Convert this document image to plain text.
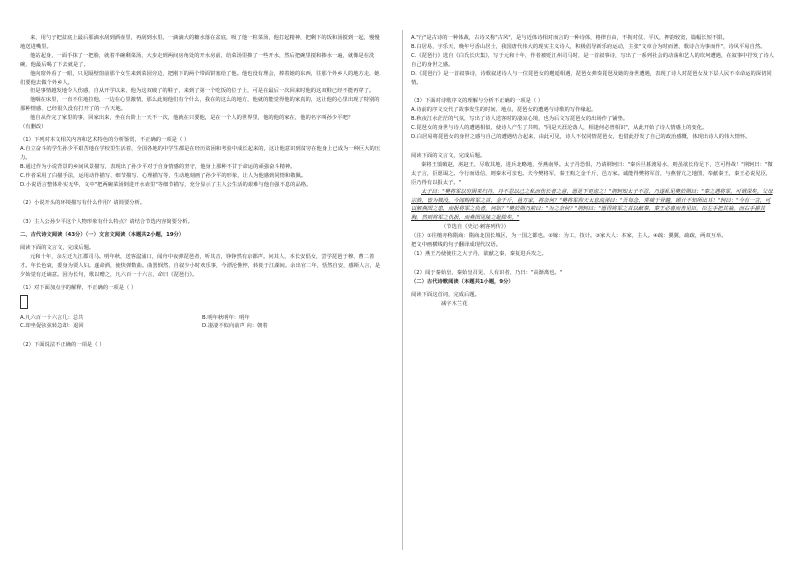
来，用勺子把盆底上最后那滴水刮到酒壶里，再刮到水里。一滴滴大的糖水落在盆底，吸了他一粒菜汤，他打起精神，把剩下的饭和汤搅到一起，慢慢地送进嘴里。

他站起身，一面手抹了一把脸，就着半碗剩菜汤，大步走到两间房角处的开水房前，给菜汤里掺了一些开水，然后把碗里搅和掺水一遍，就像是在洗碗，他最后喝了下去就是了。

他向窗外看了一眼，只见隔壁窗前那个女生来到菜园旁边，把刚下的两个带面饼塞给了他。他也没有理会，捧着她的东西，往那个外乡人的地方走，她们要他去做个外乡人。

但是事情越发地令人伤感，自从开学以来，他为这双破了的鞋子，来到了第一个吃饭的位子上，可是在最后一次回来时他的这双鞋已经不能再穿了。

他咽在床里，一直不住地拉他，一边在心里激情，那么此刻他们有个什么，我在的这么的地方，他就的能觉得他的家真的，这让他的心里出现了特别的那种情感，已经很久没有打开了的一片天地。

他自从作完了家里的事，回家出来，坐在台阶上一天不一次，他就在只要他，是在一个人的世界里，他的他的家在，他的名字叫孙少平吧？

（有删改）

（1）下列对本文相关内容和艺术特色的分析鉴赏，不正确的一项是（ ）

A.自立奋斗的学生孙少平艰苦地在学校里生活着，全国各地的中学生都是在经历贫困和考验中成长起来的，这让他意识到贫穷在他身上已成为一种巨大的压力。

B.通过作为小说背景的乡间风景描写，表现出了孙少平对于自身情感的坚守，他身上那种不甘于命运的顽强奋斗精神。

C.作者采用了白描手法，运用动作描写、细节描写、心理描写等，生动地刻画了孙少平的形象，让人为他感到同情和敬佩。

D.小说语言整体朴实无华，文中"把两碗菜汤倒进开水壶里"等细节描写，充分显示了主人公生活的艰难与他自强不息的品格。

（2）小说开头的环境描写有什么作用？请简要分析。

（3）主人公孙少平这个人物形象有什么特点？请结合节选内容简要分析。

二、古代诗文阅读（43分）（一）文言文阅读（本题共2小题，19分）

阅读下面的文言文，完成后题。

元和十年，余左迁九江郡司马。明年秋，送客湓浦口，闻舟中夜弹琵琶者，听其音，铮铮然有京都声。问其人，本长安倡女，尝学琵琶于穆、曹二善才。年长色衰，委身为贾人妇。遂命酒，使快弹数曲。曲罢悯然，自叙少小时欢乐事，今漂沦憔悴，转徙于江湖间。余出官二年，恬然自安，感斯人言，是夕始觉有迁谪意。因为长句，歌以赠之，凡六百一十六言，命曰《琵琶行》。

（1）对下面加点字的解释，不正确的一项是（ ）

A.凡六百一十六言几：总共	B.明年秋明年：明年
C.却坐促弦弦转急却：退回	D.凄凄不似向前声 向：朝着

（2）下面说法不正确的一项是（ ）

A."行"是古诗的一种体裁，古诗又称"古风"，是与近体诗相对而言的一种诗体，格律自由，不拘对仗、平仄，押韵较宽，篇幅长短不限。

B.白居易，字乐天，晚年号香山居士，我国唐代伟大的现实主义诗人，积极倡导新乐府运动，主张"文章合为时而著，歌诗合为事而作"，诗风平易自然。

C.《琵琶行》选自《白氏长庆集》，写于元和十年，作者被贬江州司马时，是一首叙事诗，写出了一系列社会的动荡和艺人的坎坷遭遇，在叙事中抒发了诗人自己的身世之感。

D.《琵琶行》是一首叙事诗，诗歌叙述诗人与一位琵琶女的邂逅相遇，琵琶女弹奏琵琶及她的身世遭遇，表现了诗人对琵琶女及下层人民不幸命运的深切同情。

（3）下面对诗歌序文的理解与分析不正确的一项是（ ）

A.诗前的序文交代了故事发生的时间、地点，琵琶女的遭遇与诗歌的写作缘起。

B.秋夜江水茫茫的气氛，写出了诗人送客时的凄凉心境，也为后文写琵琶女的出场作了铺垫。

C.琵琶女的身世与诗人的遭遇相似，使诗人产生了共鸣，"同是天涯沦落人，相逢何必曾相识"，从此开始了诗人情感上的变化。

D.白居易将琵琶女的身世之感与自己的遭遇结合起来，由此可见，诗人不仅同情琵琶女，也借此抒发了自己的政治感慨，体现出诗人的伟大情怀。

阅读下面的文言文，完成后题。

秦将王翦破赵，虏赵王，尽收其地，进兵北略地，至燕南界。太子丹恐惧，乃请荆轲曰："秦兵旦暮渡易水，则虽欲长侍足下，岂可得哉！"荆轲曰："微太子言，臣愿谒之。今行而毋信，则秦未可亲也。夫今樊将军，秦王购之金千斤，邑万家。诚能得樊将军首，与燕督亢之地图，奉献秦王，秦王必说见臣，臣乃得有以报太子。"

太子曰："樊将军以穷困来归丹，丹不忍以己之私而伤长者之意，愿足下更虑之！"荆轲知太子不忍，乃遂私见樊於期曰："秦之遇将军，可谓深矣。父母宗族，皆为戮没。今闻购将军之首，金千斤，邑万家，将奈何？"樊将军仰天太息流涕曰："吾每念，常痛于骨髓，顾计不知所出耳！"轲曰："今有一言，可以解燕国之患，而报将军之仇者，何如？"樊於期乃前曰："为之奈何？"荆轲曰："愿得将军之首以献秦，秦王必喜而善见臣，臣左手把其袖，而右手揕其胸，然则将军之仇报，而燕国见陵之耻除矣。"

（节选自《史记·刺客列传》）

（注）①往檀亦称隋商：隋商北国长城区，为一国之都也。②嫁：为工，技计。③家大人：本家，主人。④疏：翼翼，疏疏，两双互举。

把文中画横线的句子翻译成现代汉语。

（1）燕王乃使使往之大子丹，欲献之秦，秦复进兵攻之。

（2）闻于秦始皇，秦始皇召见，人有识者，乃曰："高渐离也。"

（二）古代诗歌阅读（本题共1小题，9分）

阅读下面这首词，完成后题。

减字木兰花
